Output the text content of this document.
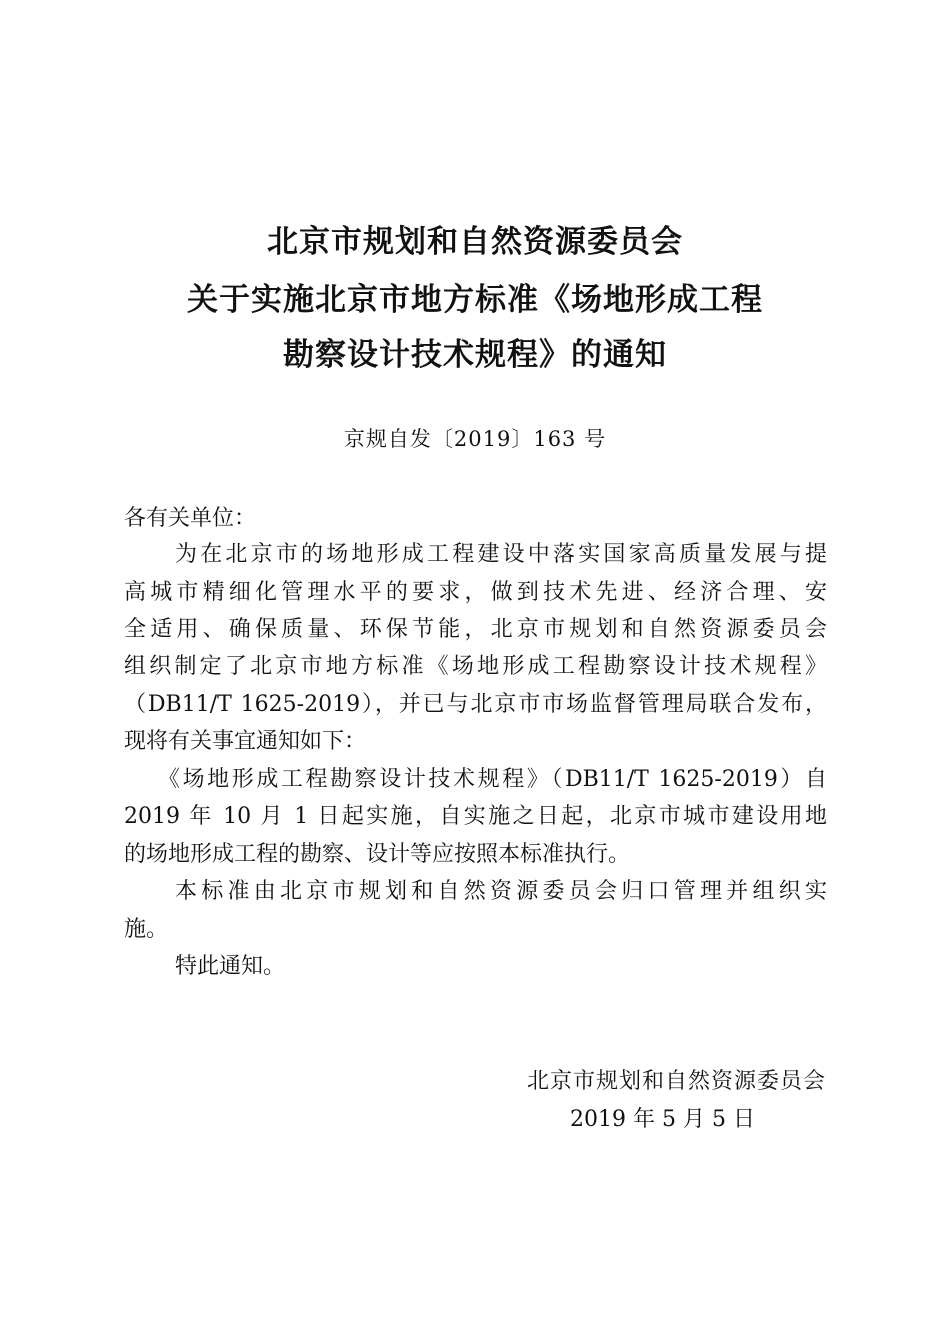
北京市规划和自然资源委员会
关于实施北京市地方标准《场地形成工程
勘察设计技术规程》的通知
京规自发〔2019〕163 号
各有关单位：
为在北京市的场地形成工程建设中落实国家高质量发展与提
高城市精细化管理水平的要求，做到技术先进、经济合理、安
全适用、确保质量、环保节能，北京市规划和自然资源委员会
组织制定了北京市地方标准《场地形成工程勘察设计技术规程》
（DB11/T 1625-2019），并已与北京市市场监督管理局联合发布，
现将有关事宜通知如下：
《场地形成工程勘察设计技术规程》（DB11/T 1625-2019）自
2019 年 10 月 1 日起实施，自实施之日起，北京市城市建设用地
的场地形成工程的勘察、设计等应按照本标准执行。
本标准由北京市规划和自然资源委员会归口管理并组织实
施。
特此通知。
北京市规划和自然资源委员会
2019 年 5 月 5 日
